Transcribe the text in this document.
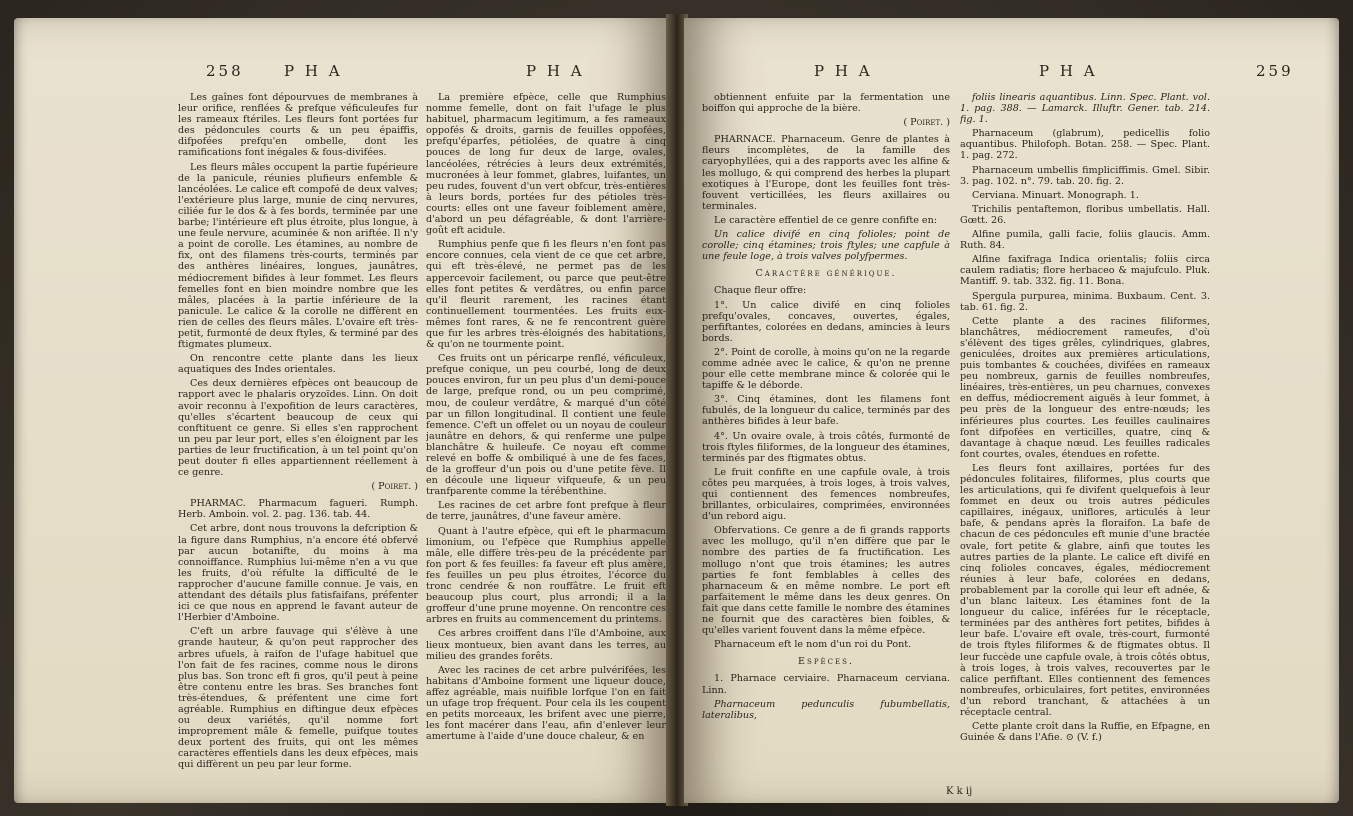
258	P H A	P H A

Les gaînes font dépourvues de membranes à leur orifice, renflées & prefque véficuleufes fur les rameaux ftériles. Les fleurs font portées fur des pédoncules courts & un peu épaiffis, difpofées prefqu'en ombelle, dont les ramifications font inégales & fous-divifées.

Les fleurs mâles occupent la partie fupérieure de la panicule, réunies plufieurs enfemble & lancéolées. Le calice eft compofé de deux valves; l'extérieure plus large, munie de cinq nervures, ciliée fur le dos & à fes bords, terminée par une barbe; l'intérieure eft plus étroite, plus longue, à une feule nervure, acuminée & non ariftée. Il n'y a point de corolle. Les étamines, au nombre de fix, ont des filamens très-courts, terminés par des anthères linéaires, longues, jaunâtres, médiocrement bifides à leur fommet. Les fleurs femelles font en bien moindre nombre que les mâles, placées à la partie inférieure de la panicule. Le calice & la corolle ne diffèrent en rien de celles des fleurs mâles. L'ovaire eft très-petit, furmonté de deux ftyles, & terminé par des ftigmates plumeux.

On rencontre cette plante dans les lieux aquatiques des Indes orientales.

Ces deux dernières efpèces ont beaucoup de rapport avec le phalaris oryzoïdes. Linn. On doit avoir reconnu à l'expofition de leurs caractères, qu'elles s'écartent beaucoup de ceux qui conftituent ce genre. Si elles s'en rapprochent un peu par leur port, elles s'en éloignent par les parties de leur fructification, à un tel point qu'on peut douter fi elles appartiennent réellement à ce genre.

( Poiret. )

PHARMAC. Pharmacum fagueri. Rumph. Herb. Amboin. vol. 2. pag. 136. tab. 44.

Cet arbre, dont nous trouvons la defcription & la figure dans Rumphius, n'a encore été obfervé par aucun botanifte, du moins à ma connoiffance. Rumphius lui-même n'en a vu que les fruits, d'où réfulte la difficulté de le rapprocher d'aucune famille connue. Je vais, en attendant des détails plus fatisfaifans, préfenter ici ce que nous en apprend le favant auteur de l'Herbier d'Amboine.

C'eft un arbre fauvage qui s'élève à une grande hauteur, & qu'on peut rapprocher des arbres ufuels, à raifon de l'ufage habituel que l'on fait de fes racines, comme nous le dirons plus bas. Son tronc eft fi gros, qu'il peut à peine être contenu entre les bras. Ses branches font très-étendues, & préfentent une cime fort agréable. Rumphius en diftingue deux efpèces ou deux variétés, qu'il nomme fort improprement mâle & femelle, puifque toutes deux portent des fruits, qui ont les mêmes caractères effentiels dans les deux efpèces, mais qui diffèrent un peu par leur forme.

La première efpèce, celle que Rumphius nomme femelle, dont on fait l'ufage le plus habituel, pharmacum legitimum, a fes rameaux oppofés & droits, garnis de feuilles oppofées, prefqu'éparfes, pétiolées, de quatre à cinq pouces de long fur deux de large, ovales, lancéolées, rétrécies à leurs deux extrémités, mucronées à leur fommet, glabres, luifantes, un peu rudes, fouvent d'un vert obfcur, très-entières à leurs bords, portées fur des pétioles très-courts: elles ont une faveur foiblement amère, d'abord un peu défagréable, & dont l'arrière-goût eft acidule.

Rumphius penfe que fi les fleurs n'en font pas encore connues, cela vient de ce que cet arbre, qui eft très-élevé, ne permet pas de les appercevoir facilement, ou parce que peut-être elles font petites & verdâtres, ou enfin parce qu'il fleurit rarement, les racines étant continuellement tourmentées. Les fruits eux-mêmes font rares, & ne fe rencontrent guère que fur les arbres très-éloignés des habitations, & qu'on ne tourmente point.

Ces fruits ont un péricarpe renflé, véficuleux, prefque conique, un peu courbé, long de deux pouces environ, fur un peu plus d'un demi-pouce de large, prefque rond, ou un peu comprimé, mou, de couleur verdâtre, & marqué d'un côté par un fillon longitudinal. Il contient une feule femence. C'eft un offelet ou un noyau de couleur jaunâtre en dehors, & qui renferme une pulpe blanchâtre & huileufe. Ce noyau eft comme relevé en boffe & ombiliqué à une de fes faces, de la groffeur d'un pois ou d'une petite fève. Il en découle une liqueur vifqueufe, & un peu tranfparente comme la térébenthine.

Les racines de cet arbre font prefque à fleur de terre, jaunâtres, d'une faveur amère.

Quant à l'autre efpèce, qui eft le pharmacum limonium, ou l'efpèce que Rumphius appelle mâle, elle diffère très-peu de la précédente par fon port & fes feuilles: fa faveur eft plus amère, fes feuilles un peu plus étroites, l'écorce du tronc cendrée & non rouffâtre. Le fruit eft beaucoup plus court, plus arrondi; il a la groffeur d'une prune moyenne. On rencontre ces arbres en fruits au commencement du printems.

Ces arbres croiffent dans l'île d'Amboine, aux lieux montueux, bien avant dans les terres, au milieu des grandes forêts.

Avec les racines de cet arbre pulvérifées, les habitans d'Amboine forment une liqueur douce, affez agréable, mais nuifible lorfque l'on en fait un ufage trop fréquent. Pour cela ils les coupent en petits morceaux, les brifent avec une pierre, les font macérer dans l'eau, afin d'enlever leur amertume à l'aide d'une douce chaleur, & en

P H A	P H A	259

obtiennent enfuite par la fermentation une boiffon qui approche de la bière.

( Poiret. )

PHARNACE. Pharnaceum. Genre de plantes à fleurs incomplètes, de la famille des caryophyllées, qui a des rapports avec les alfine & les mollugo, & qui comprend des herbes la plupart exotiques à l'Europe, dont les feuilles font très-fouvent verticillées, les fleurs axillaires ou terminales.

Le caractère effentiel de ce genre confifte en:

Un calice divifé en cinq folioles; point de corolle; cinq étamines; trois ftyles; une capfule à une feule loge, à trois valves polyfpermes.

Caractère générique.

Chaque fleur offre:

1°. Un calice divifé en cinq folioles prefqu'ovales, concaves, ouvertes, égales, perfiftantes, colorées en dedans, amincies à leurs bords.

2°. Point de corolle, à moins qu'on ne la regarde comme adnée avec le calice, & qu'on ne prenne pour elle cette membrane mince & colorée qui le tapiffe & le déborde.

3°. Cinq étamines, dont les filamens font fubulés, de la longueur du calice, terminés par des anthères bifides à leur bafe.

4°. Un ovaire ovale, à trois côtés, furmonté de trois ftyles filiformes, de la longueur des étamines, terminés par des ftigmates obtus.

Le fruit confifte en une capfule ovale, à trois côtes peu marquées, à trois loges, à trois valves, qui contiennent des femences nombreufes, brillantes, orbiculaires, comprimées, environnées d'un rebord aigu.

Obfervations. Ce genre a de fi grands rapports avec les mollugo, qu'il n'en diffère que par le nombre des parties de fa fructification. Les mollugo n'ont que trois étamines; les autres parties fe font femblables à celles des pharnaceum & en même nombre. Le port eft parfaitement le même dans les deux genres. On fait que dans cette famille le nombre des étamines ne fournit que des caractères bien foibles, & qu'elles varient fouvent dans la même efpèce.

Pharnaceum eft le nom d'un roi du Pont.

Espèces.

1. Pharnace cerviaire. Pharnaceum cerviana. Linn.

Pharnaceum pedunculis fubumbellatis, lateralibus,

foliis linearis aquantibus. Linn. Spec. Plant. vol. 1. pag. 388. — Lamarck. Illuftr. Gener. tab. 214. fig. 1.

Pharnaceum (glabrum), pedicellis folio aquantibus. Philofoph. Botan. 258. — Spec. Plant. 1. pag. 272.

Pharnaceum umbellis fimpliciffimis. Gmel. Sibir. 3. pag. 102. n°. 79. tab. 20. fig. 2.

Cerviana. Minuart. Monograph. 1.

Trichilis pentaftemon, floribus umbellatis. Hall. Gœtt. 26.

Alfine pumila, galli facie, foliis glaucis. Amm. Ruth. 84.

Alfine faxifraga Indica orientalis; foliis circa caulem radiatis; flore herbaceo & majufculo. Pluk. Mantiff. 9. tab. 332. fig. 11. Bona.

Spergula purpurea, minima. Buxbaum. Cent. 3. tab. 61. fig. 2.

Cette plante a des racines filiformes, blanchâtres, médiocrement rameufes, d'où s'élèvent des tiges grêles, cylindriques, glabres, geniculées, droites aux premières articulations, puis tombantes & couchées, divifées en rameaux peu nombreux, garnis de feuilles nombreufes, linéaires, très-entières, un peu charnues, convexes en deffus, médiocrement aiguës à leur fommet, à peu près de la longueur des entre-nœuds; les inférieures plus courtes. Les feuilles caulinaires font difpofées en verticilles, quatre, cinq & davantage à chaque nœud. Les feuilles radicales font courtes, ovales, étendues en rofette.

Les fleurs font axillaires, portées fur des pédoncules folitaires, filiformes, plus courts que les articulations, qui fe divifent quelquefois à leur fommet en deux ou trois autres pédicules capillaires, inégaux, uniflores, articulés à leur bafe, & pendans après la floraifon. La bafe de chacun de ces pédoncules eft munie d'une bractée ovale, fort petite & glabre, ainfi que toutes les autres parties de la plante. Le calice eft divifé en cinq folioles concaves, égales, médiocrement réunies à leur bafe, colorées en dedans, probablement par la corolle qui leur eft adnée, & d'un blanc laiteux. Les étamines font de la longueur du calice, inférées fur le réceptacle, terminées par des anthères fort petites, bifides à leur bafe. L'ovaire eft ovale, très-court, furmonté de trois ftyles filiformes & de ftigmates obtus. Il leur fuccède une capfule ovale, à trois côtés obtus, à trois loges, à trois valves, recouvertes par le calice perfiftant. Elles contiennent des femences nombreufes, orbiculaires, fort petites, environnées d'un rebord tranchant, & attachées à un réceptacle central.

Cette plante croît dans la Ruffie, en Efpagne, en Guinée & dans l'Afie. ⊙ (V. f.)

K k ij
